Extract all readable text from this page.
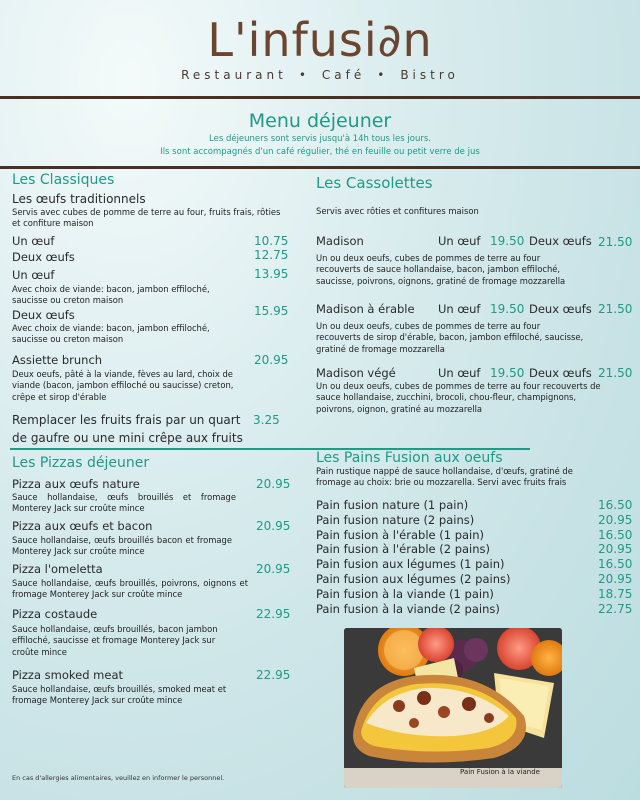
L'infusi∂n
Restaurant • Café • Bistro
Menu déjeuner
Les déjeuners sont servis jusqu'à 14h tous les jours.
Ils sont accompagnés d'un café régulier, thé en feuille ou petit verre de jus
Les Classiques
Les œufs traditionnels
Servis avec cubes de pomme de terre au four, fruits frais, rôties et confiture maison
Un œuf	10.75
Deux œufs	12.75
Un œuf	13.95
Avec choix de viande: bacon, jambon effiloché, saucisse ou creton maison
Deux œufs	15.95
Avec choix de viande: bacon, jambon effiloché, saucisse ou creton maison
Assiette brunch	20.95
Deux oeufs, pâté à la viande, fèves au lard, choix de viande (bacon, jambon effiloché ou saucisse) creton, crêpe et sirop d'érable
Remplacer les fruits frais par un quart 3.25
de gaufre ou une mini crêpe aux fruits
Les Cassolettes
Servis avec rôties et confitures maison
Madison	Un œuf 19.50 Deux œufs 21.50
Un ou deux oeufs, cubes de pommes de terre au four recouverts de sauce hollandaise, bacon, jambon effiloché, saucisse, poivrons, oignons, gratiné de fromage mozzarella
Madison à érable Un œuf 19.50 Deux œufs 21.50
Un ou deux oeufs, cubes de pommes de terre au four recouverts de sirop d'érable, bacon, jambon effiloché, saucisse, gratiné de fromage mozzarella
Madison végé	Un œuf 19.50 Deux œufs 21.50
Un ou deux oeufs, cubes de pommes de terre au four recouverts de sauce hollandaise, zucchini, brocoli, chou-fleur, champignons, poivrons, oignon, gratiné au mozzarella
Les Pizzas déjeuner
Pizza aux œufs nature	20.95
Sauce hollandaise, œufs brouillés et fromage Monterey Jack sur croûte mince
Pizza aux œufs et bacon	20.95
Sauce hollandaise, œufs brouillés bacon et fromage Monterey Jack sur croûte mince
Pizza l'omeletta	20.95
Sauce hollandaise, œufs brouillés, poivrons, oignons et fromage Monterey Jack sur croûte mince
Pizza costaude	22.95
Sauce hollandaise, œufs brouillés, bacon jambon effiloché, saucisse et fromage Monterey Jack sur croûte mince
Pizza smoked meat	22.95
Sauce hollandaise, œufs brouillés, smoked meat et fromage Monterey Jack sur croûte mince
Les Pains Fusion aux oeufs
Pain rustique nappé de sauce hollandaise, d'œufs, gratiné de fromage au choix: brie ou mozzarella. Servi avec fruits frais
Pain fusion nature (1 pain)	16.50
Pain fusion nature (2 pains)	20.95
Pain fusion à l'érable (1 pain)	16.50
Pain fusion à l'érable (2 pains)	20.95
Pain fusion aux légumes (1 pain)	16.50
Pain fusion aux légumes (2 pains)	20.95
Pain fusion à la viande (1 pain)	18.75
Pain fusion à la viande (2 pains)	22.75
Pain Fusion à la viande
En cas d'allergies alimentaires, veuillez en informer le personnel.
